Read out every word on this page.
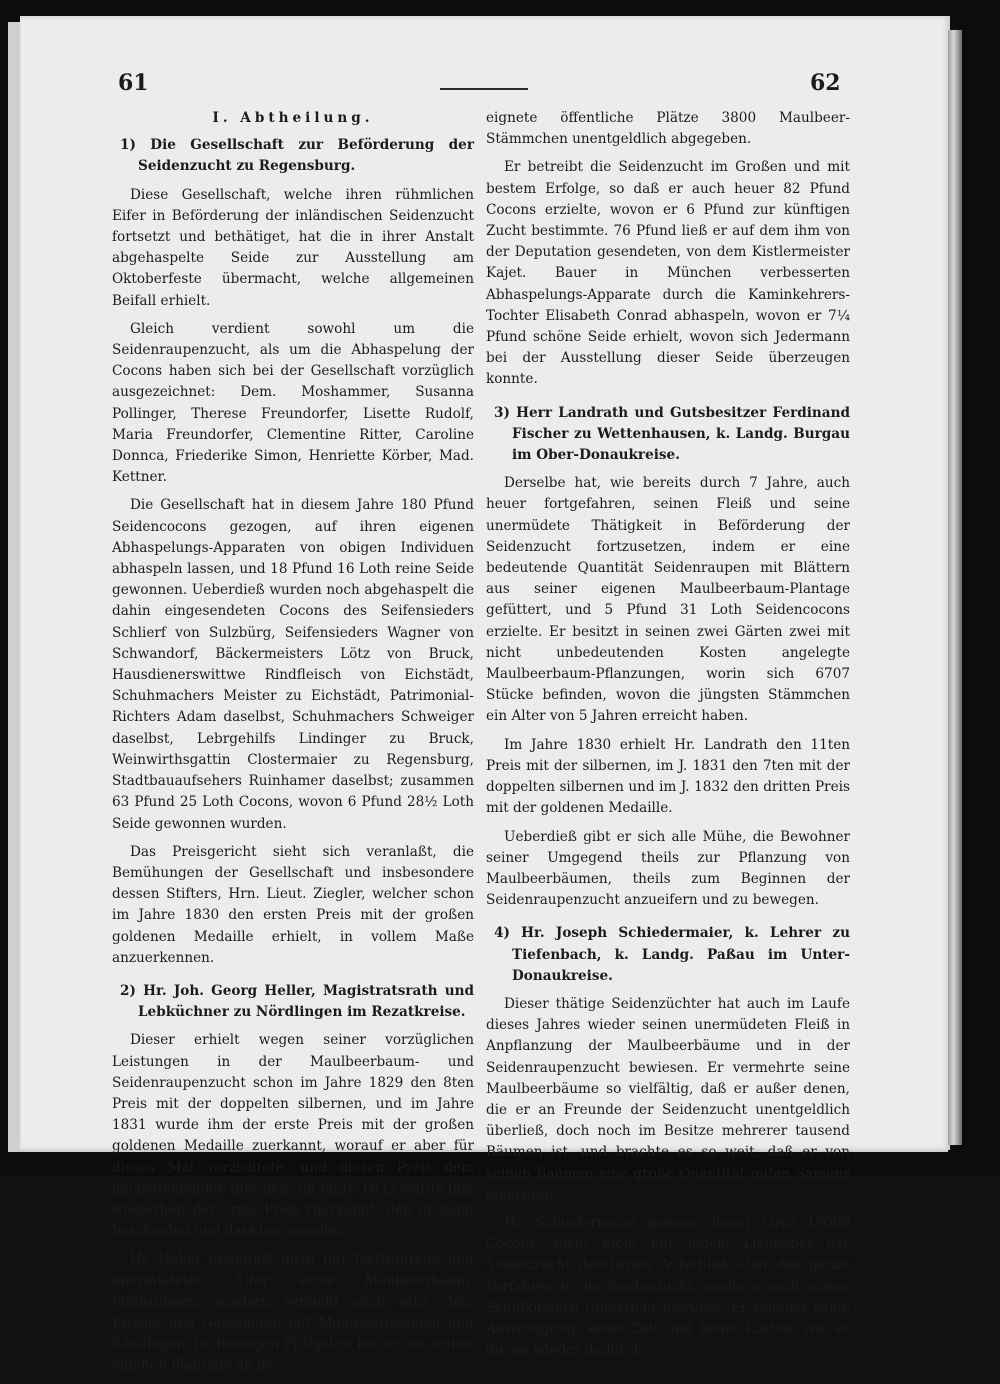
61	62

I. Abtheilung.

1) Die Gesellschaft zur Beförderung der Seidenzucht zu Regensburg.

Diese Gesellschaft, welche ihren rühmlichen Eifer in Beförderung der inländischen Seidenzucht fortsetzt und bethätiget, hat die in ihrer Anstalt abgehaspelte Seide zur Ausstellung am Oktoberfeste übermacht, welche allgemeinen Beifall erhielt.

Gleich verdient sowohl um die Seidenraupenzucht, als um die Abhaspelung der Cocons haben sich bei der Gesellschaft vorzüglich ausgezeichnet: Dem. Moshammer, Susanna Pollinger, Therese Freundorfer, Lisette Rudolf, Maria Freundorfer, Clementine Ritter, Caroline Donnca, Friederike Simon, Henriette Körber, Mad. Kettner.

Die Gesellschaft hat in diesem Jahre 180 Pfund Seidencocons gezogen, auf ihren eigenen Abhaspelungs-Apparaten von obigen Individuen abhaspeln lassen, und 18 Pfund 16 Loth reine Seide gewonnen. Ueberdieß wurden noch abgehaspelt die dahin eingesendeten Cocons des Seifensieders Schlierf von Sulzbürg, Seifensieders Wagner von Schwandorf, Bäckermeisters Lötz von Bruck, Hausdienerswittwe Rindfleisch von Eichstädt, Schuhmachers Meister zu Eichstädt, Patrimonial-Richters Adam daselbst, Schuhmachers Schweiger daselbst, Lebrgehilfs Lindinger zu Bruck, Weinwirthsgattin Clostermaier zu Regensburg, Stadtbauaufsehers Ruinhamer daselbst; zusammen 63 Pfund 25 Loth Cocons, wovon 6 Pfund 28½ Loth Seide gewonnen wurden.

Das Preisgericht sieht sich veranlaßt, die Bemühungen der Gesellschaft und insbesondere dessen Stifters, Hrn. Lieut. Ziegler, welcher schon im Jahre 1830 den ersten Preis mit der großen goldenen Medaille erhielt, in vollem Maße anzuerkennen.

2) Hr. Joh. Georg Heller, Magistratsrath und Lebküchner zu Nördlingen im Rezatkreise.

Dieser erhielt wegen seiner vorzüglichen Leistungen in der Maulbeerbaum- und Seidenraupenzucht schon im Jahre 1829 den 8ten Preis mit der doppelten silbernen, und im Jahre 1831 wurde ihm der erste Preis mit der großen goldenen Medaille zuerkannt, worauf er aber für dieses Mal verzichtete, und diesen Preis dem nächstfolgenden überließ. Im Jahre 1832 wurde ihm wiederholt der erste Preis zuerkannt, den er dann bescheiden und dankbar annahm.

Hr. Heller erweitert nicht nur fortwährend und unermüdeten Eifer seine Maulbeerbaum-Pflanzungen, sondern versieht auch sehr viele Private und Gemeinden mit Maulbeerbäumen und Sämlingen. Im heurigen Frühjahre hat er aus seiner eigenen Plantage an ge-

eignete öffentliche Plätze 3800 Maulbeer-Stämmchen unentgeldlich abgegeben.

Er betreibt die Seidenzucht im Großen und mit bestem Erfolge, so daß er auch heuer 82 Pfund Cocons erzielte, wovon er 6 Pfund zur künftigen Zucht bestimmte. 76 Pfund ließ er auf dem ihm von der Deputation gesendeten, von dem Kistlermeister Kajet. Bauer in München verbesserten Abhaspelungs-Apparate durch die Kaminkehrers-Tochter Elisabeth Conrad abhaspeln, wovon er 7¼ Pfund schöne Seide erhielt, wovon sich Jedermann bei der Ausstellung dieser Seide überzeugen konnte.

3) Herr Landrath und Gutsbesitzer Ferdinand Fischer zu Wettenhausen, k. Landg. Burgau im Ober-Donaukreise.

Derselbe hat, wie bereits durch 7 Jahre, auch heuer fortgefahren, seinen Fleiß und seine unermüdete Thätigkeit in Beförderung der Seidenzucht fortzusetzen, indem er eine bedeutende Quantität Seidenraupen mit Blättern aus seiner eigenen Maulbeerbaum-Plantage gefüttert, und 5 Pfund 31 Loth Seidencocons erzielte. Er besitzt in seinen zwei Gärten zwei mit nicht unbedeutenden Kosten angelegte Maulbeerbaum-Pflanzungen, worin sich 6707 Stücke befinden, wovon die jüngsten Stämmchen ein Alter von 5 Jahren erreicht haben.

Im Jahre 1830 erhielt Hr. Landrath den 11ten Preis mit der silbernen, im J. 1831 den 7ten mit der doppelten silbernen und im J. 1832 den dritten Preis mit der goldenen Medaille.

Ueberdieß gibt er sich alle Mühe, die Bewohner seiner Umgegend theils zur Pflanzung von Maulbeerbäumen, theils zum Beginnen der Seidenraupenzucht anzueifern und zu bewegen.

4) Hr. Joseph Schiedermaier, k. Lehrer zu Tiefenbach, k. Landg. Paßau im Unter-Donaukreise.

Dieser thätige Seidenzüchter hat auch im Laufe dieses Jahres wieder seinen unermüdeten Fleiß in Anpflanzung der Maulbeerbäume und in der Seidenraupenzucht bewiesen. Er vermehrte seine Maulbeerbäume so vielfältig, daß er außer denen, die er an Freunde der Seidenzucht unentgeldlich überließ, doch noch im Besitze mehrerer tausend Bäumen ist, und brachte es so weit, daß er von seinen Bäumen eine große Quantität guten Samens einärntete.

Hr. Schiedermaier gewann heuer circa 19000 Cocons, giebt nicht nur jedem Liebhaber der Seidenzucht deutlichen Aufschluß über das ganze Verfahren in der Seidenzucht, sondern auch seinen Schulkindern Unterricht hierüber. Er scheuet keine Anstrengung, keine Zeit und keine Kosten, wie er dieses wieder dadurch
